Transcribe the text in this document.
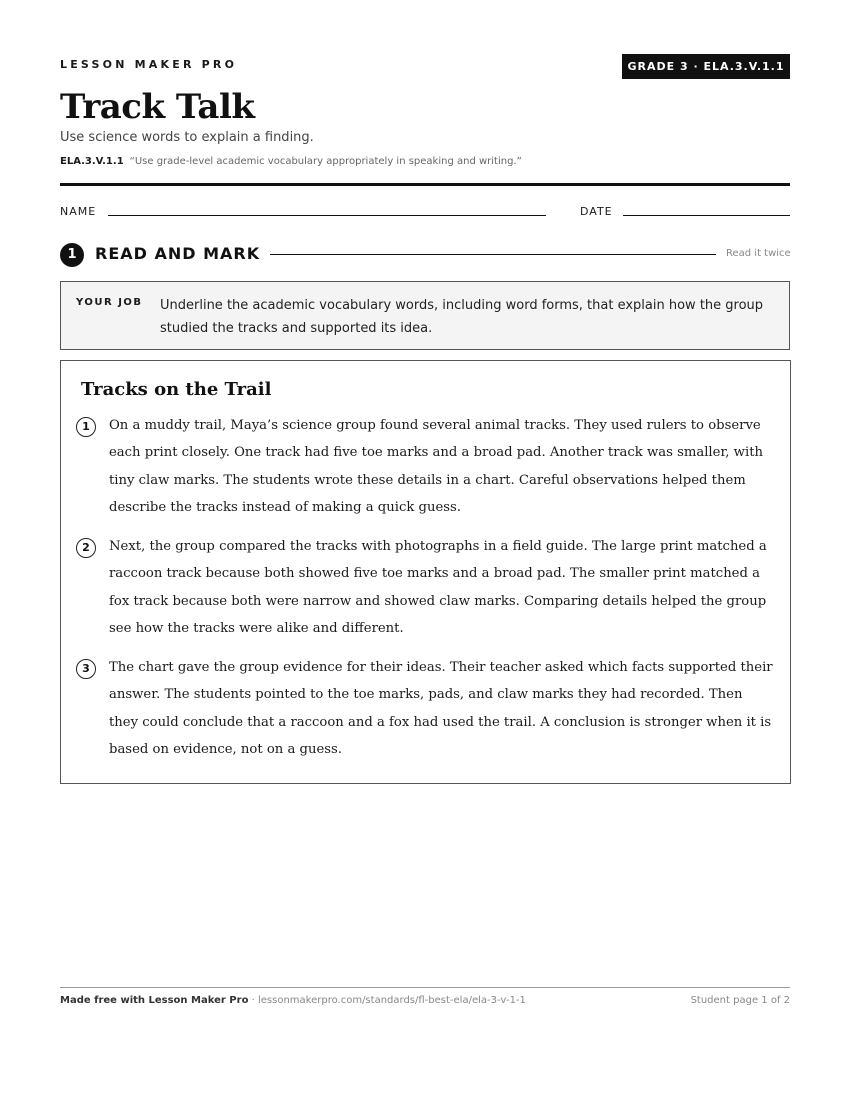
LESSON MAKER PRO	GRADE 3 · ELA.3.V.1.1
Track Talk
Use science words to explain a finding.
ELA.3.V.1.1 “Use grade-level academic vocabulary appropriately in speaking and writing.”
NAME	DATE
1	READ AND MARK	Read it twice
YOUR JOB Underline the academic vocabulary words, including word forms, that explain how the group studied the tracks and supported its idea.
Tracks on the Trail
1	On a muddy trail, Maya’s science group found several animal tracks. They used rulers to observe each print closely. One track had five toe marks and a broad pad. Another track was smaller, with tiny claw marks. The students wrote these details in a chart. Careful observations helped them describe the tracks instead of making a quick guess.
2	Next, the group compared the tracks with photographs in a field guide. The large print matched a raccoon track because both showed five toe marks and a broad pad. The smaller print matched a fox track because both were narrow and showed claw marks. Comparing details helped the group see how the tracks were alike and different.
3	The chart gave the group evidence for their ideas. Their teacher asked which facts supported their answer. The students pointed to the toe marks, pads, and claw marks they had recorded. Then they could conclude that a raccoon and a fox had used the trail. A conclusion is stronger when it is based on evidence, not on a guess.
Made free with Lesson Maker Pro · lessonmakerpro.com/standards/fl-best-ela/ela-3-v-1-1	Student page 1 of 2
